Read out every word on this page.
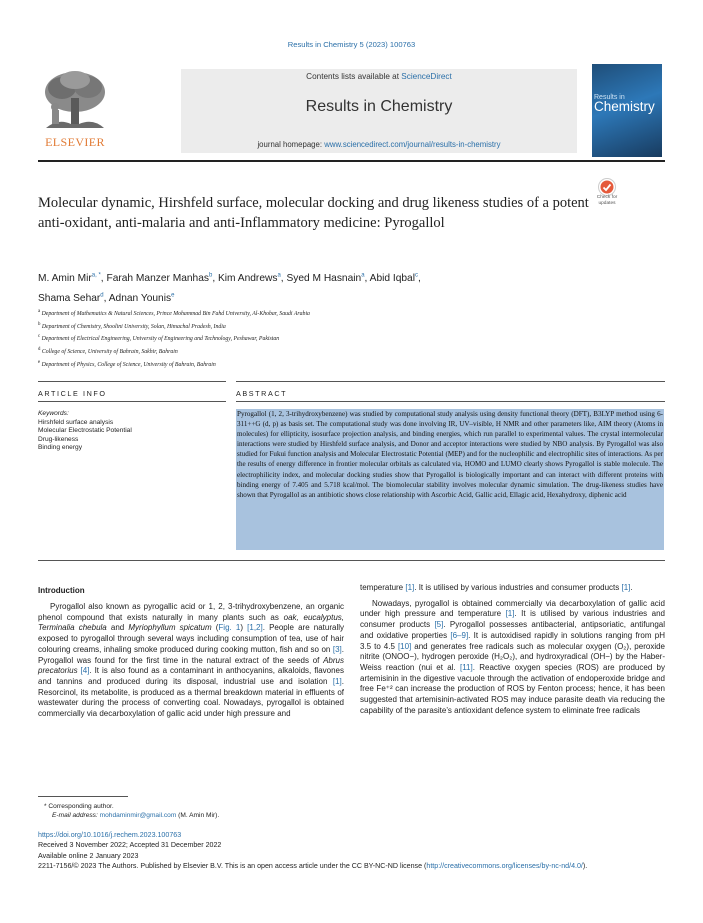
Results in Chemistry 5 (2023) 100763
Contents lists available at ScienceDirect
Results in Chemistry
journal homepage: www.sciencedirect.com/journal/results-in-chemistry
ELSEVIER
Results in
Chemistry
Molecular dynamic, Hirshfeld surface, molecular docking and drug likeness studies of a potent anti-oxidant, anti-malaria and anti-Inflammatory medicine: Pyrogallol
Check for updates
M. Amin Mir$^{a, *}$, Farah Manzer Manhas$^b$, Kim Andrews$^a$, Syed M Hasnain$^a$, Abid Iqbal$^c$,
Shama Sehar$^d$, Adnan Younis$^e$
$^a$ Department of Mathematics & Natural Sciences, Prince Mohammad Bin Fahd University, Al-Khobar, Saudi Arabia
$^b$ Department of Chemistry, Shoolini University, Solan, Himachal Pradesh, India
$^c$ Department of Electrical Engineering, University of Engineering and Technology, Peshawar, Pakistan
$^d$ College of Science, University of Bahrain, Sakhir, Bahrain
$^e$ Department of Physics, College of Science, University of Bahrain, Bahrain
ARTICLE INFO	ABSTRACT
Keywords:
Hirshfeld surface analysis
Molecular Electrostatic Potential
Drug-likeness
Binding energy
Pyrogallol (1, 2, 3-trihydroxybenzene) was studied by computational study analysis using density functional theory (DFT), B3LYP method using 6-311++G (d, p) as basis set. The computational study was done involving IR, UV–visible, H NMR and other parameters like, AIM theory (Atoms in molecules) for ellipticity, isosurface projection analysis, and binding energies, which run parallel to experimental values. The crystal intermolecular interactions were studied by Hirshfeld surface analysis, and Donor and acceptor interactions were studied by NBO analysis. By Pyrogallol was also studied for Fukui function analysis and Molecular Electrostatic Potential (MEP) and for the nucleophilic and electrophilic sites of interactions. As per the results of energy difference in frontier molecular orbitals as calculated via, HOMO and LUMO clearly shows Pyrogallol is stable molecule. The electrophilicity index, and molecular docking studies show that Pyrogallol is biologically important and can interact with different proteins with binding energy of 7.405 and 5.718 kcal/mol. The biomolecular stability involves molecular dynamic simulation. The drug-likeness studies have shown that Pyrogallol as an antibiotic shows close relationship with Ascorbic Acid, Gallic acid, Ellagic acid, Hexahydroxy, diphenic acid
Introduction

Pyrogallol also known as pyrogallic acid or 1, 2, 3-trihydroxybenzene, an organic phenol compound that exists naturally in many plants such as oak, eucalyptus, Terminalia chebula and Myriophyllum spicatum (Fig. 1) [1,2]. People are naturally exposed to pyrogallol through several ways including consumption of tea, use of hair colouring creams, inhaling smoke produced during cooking mutton, fish and so on [3]. Pyrogallol was found for the first time in the natural extract of the seeds of Abrus precatorius [4]. It is also found as a contaminant in anthocyanins, alkaloids, flavones and tannins and produced during its disposal, industrial use and isolation [1]. Resorcinol, its metabolite, is produced as a thermal breakdown material in effluents of wastewater during the process of converting coal. Nowadays, pyrogallol is obtained commercially via decarboxylation of gallic acid under high pressure and

temperature [1]. It is utilised by various industries and consumer products [1].

Nowadays, pyrogallol is obtained commercially via decarboxylation of gallic acid under high pressure and temperature [1]. It is utilised by various industries and consumer products [5]. Pyrogallol possesses antibacterial, antipsoriatic, antifungal and oxidative properties [6–9]. It is autoxidised rapidly in solutions ranging from pH 3.5 to 4.5 [10] and generates free radicals such as molecular oxygen (O₂), peroxide nitrite (ONOO−), hydrogen peroxide (H₂O₂), and hydroxyradical (OH−) by the Haber- Weiss reaction (nui et al. [11]. Reactive oxygen species (ROS) are produced by artemisinin in the digestive vacuole through the activation of endoperoxide bridge and free Fe⁺² can increase the production of ROS by Fenton process; hence, it has been suggested that artemisinin-activated ROS may induce parasite death via reducing the capability of the parasite’s antioxidant defence system to eliminate free radicals

* Corresponding author.
E-mail address: mohdaminmir@gmail.com (M. Amin Mir).
https://doi.org/10.1016/j.rechem.2023.100763
Received 3 November 2022; Accepted 31 December 2022
Available online 2 January 2023
2211-7156/© 2023 The Authors. Published by Elsevier B.V. This is an open access article under the CC BY-NC-ND license (http://creativecommons.org/licenses/by-nc-nd/4.0/).
